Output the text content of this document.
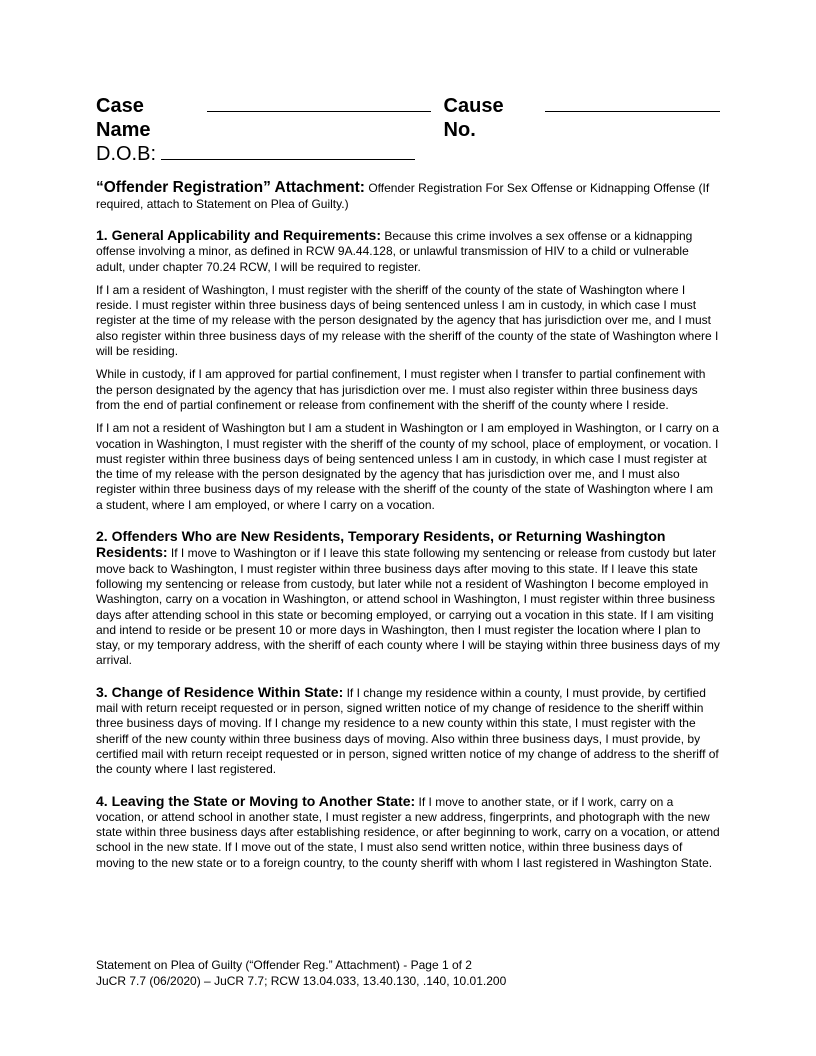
Case Name
Cause No.
D.O.B:
“Offender Registration” Attachment: Offender Registration For Sex Offense or Kidnapping Offense (If required, attach to Statement on Plea of Guilty.)

1. General Applicability and Requirements: Because this crime involves a sex offense or a kidnapping offense involving a minor, as defined in RCW 9A.44.128, or unlawful transmission of HIV to a child or vulnerable adult, under chapter 70.24 RCW, I will be required to register.

If I am a resident of Washington, I must register with the sheriff of the county of the state of Washington where I reside. I must register within three business days of being sentenced unless I am in custody, in which case I must register at the time of my release with the person designated by the agency that has jurisdiction over me, and I must also register within three business days of my release with the sheriff of the county of the state of Washington where I will be residing.

While in custody, if I am approved for partial confinement, I must register when I transfer to partial confinement with the person designated by the agency that has jurisdiction over me. I must also register within three business days from the end of partial confinement or release from confinement with the sheriff of the county where I reside.

If I am not a resident of Washington but I am a student in Washington or I am employed in Washington, or I carry on a vocation in Washington, I must register with the sheriff of the county of my school, place of employment, or vocation. I must register within three business days of being sentenced unless I am in custody, in which case I must register at the time of my release with the person designated by the agency that has jurisdiction over me, and I must also register within three business days of my release with the sheriff of the county of the state of Washington where I am a student, where I am employed, or where I carry on a vocation.

2. Offenders Who are New Residents, Temporary Residents, or Returning Washington Residents: If I move to Washington or if I leave this state following my sentencing or release from custody but later move back to Washington, I must register within three business days after moving to this state. If I leave this state following my sentencing or release from custody, but later while not a resident of Washington I become employed in Washington, carry on a vocation in Washington, or attend school in Washington, I must register within three business days after attending school in this state or becoming employed, or carrying out a vocation in this state. If I am visiting and intend to reside or be present 10 or more days in Washington, then I must register the location where I plan to stay, or my temporary address, with the sheriff of each county where I will be staying within three business days of my arrival.

3. Change of Residence Within State: If I change my residence within a county, I must provide, by certified mail with return receipt requested or in person, signed written notice of my change of residence to the sheriff within three business days of moving. If I change my residence to a new county within this state, I must register with the sheriff of the new county within three business days of moving. Also within three business days, I must provide, by certified mail with return receipt requested or in person, signed written notice of my change of address to the sheriff of the county where I last registered.

4. Leaving the State or Moving to Another State: If I move to another state, or if I work, carry on a vocation, or attend school in another state, I must register a new address, fingerprints, and photograph with the new state within three business days after establishing residence, or after beginning to work, carry on a vocation, or attend school in the new state. If I move out of the state, I must also send written notice, within three business days of moving to the new state or to a foreign country, to the county sheriff with whom I last registered in Washington State.

Statement on Plea of Guilty (“Offender Reg.” Attachment) - Page 1 of 2
JuCR 7.7 (06/2020) – JuCR 7.7; RCW 13.04.033, 13.40.130, .140, 10.01.200
